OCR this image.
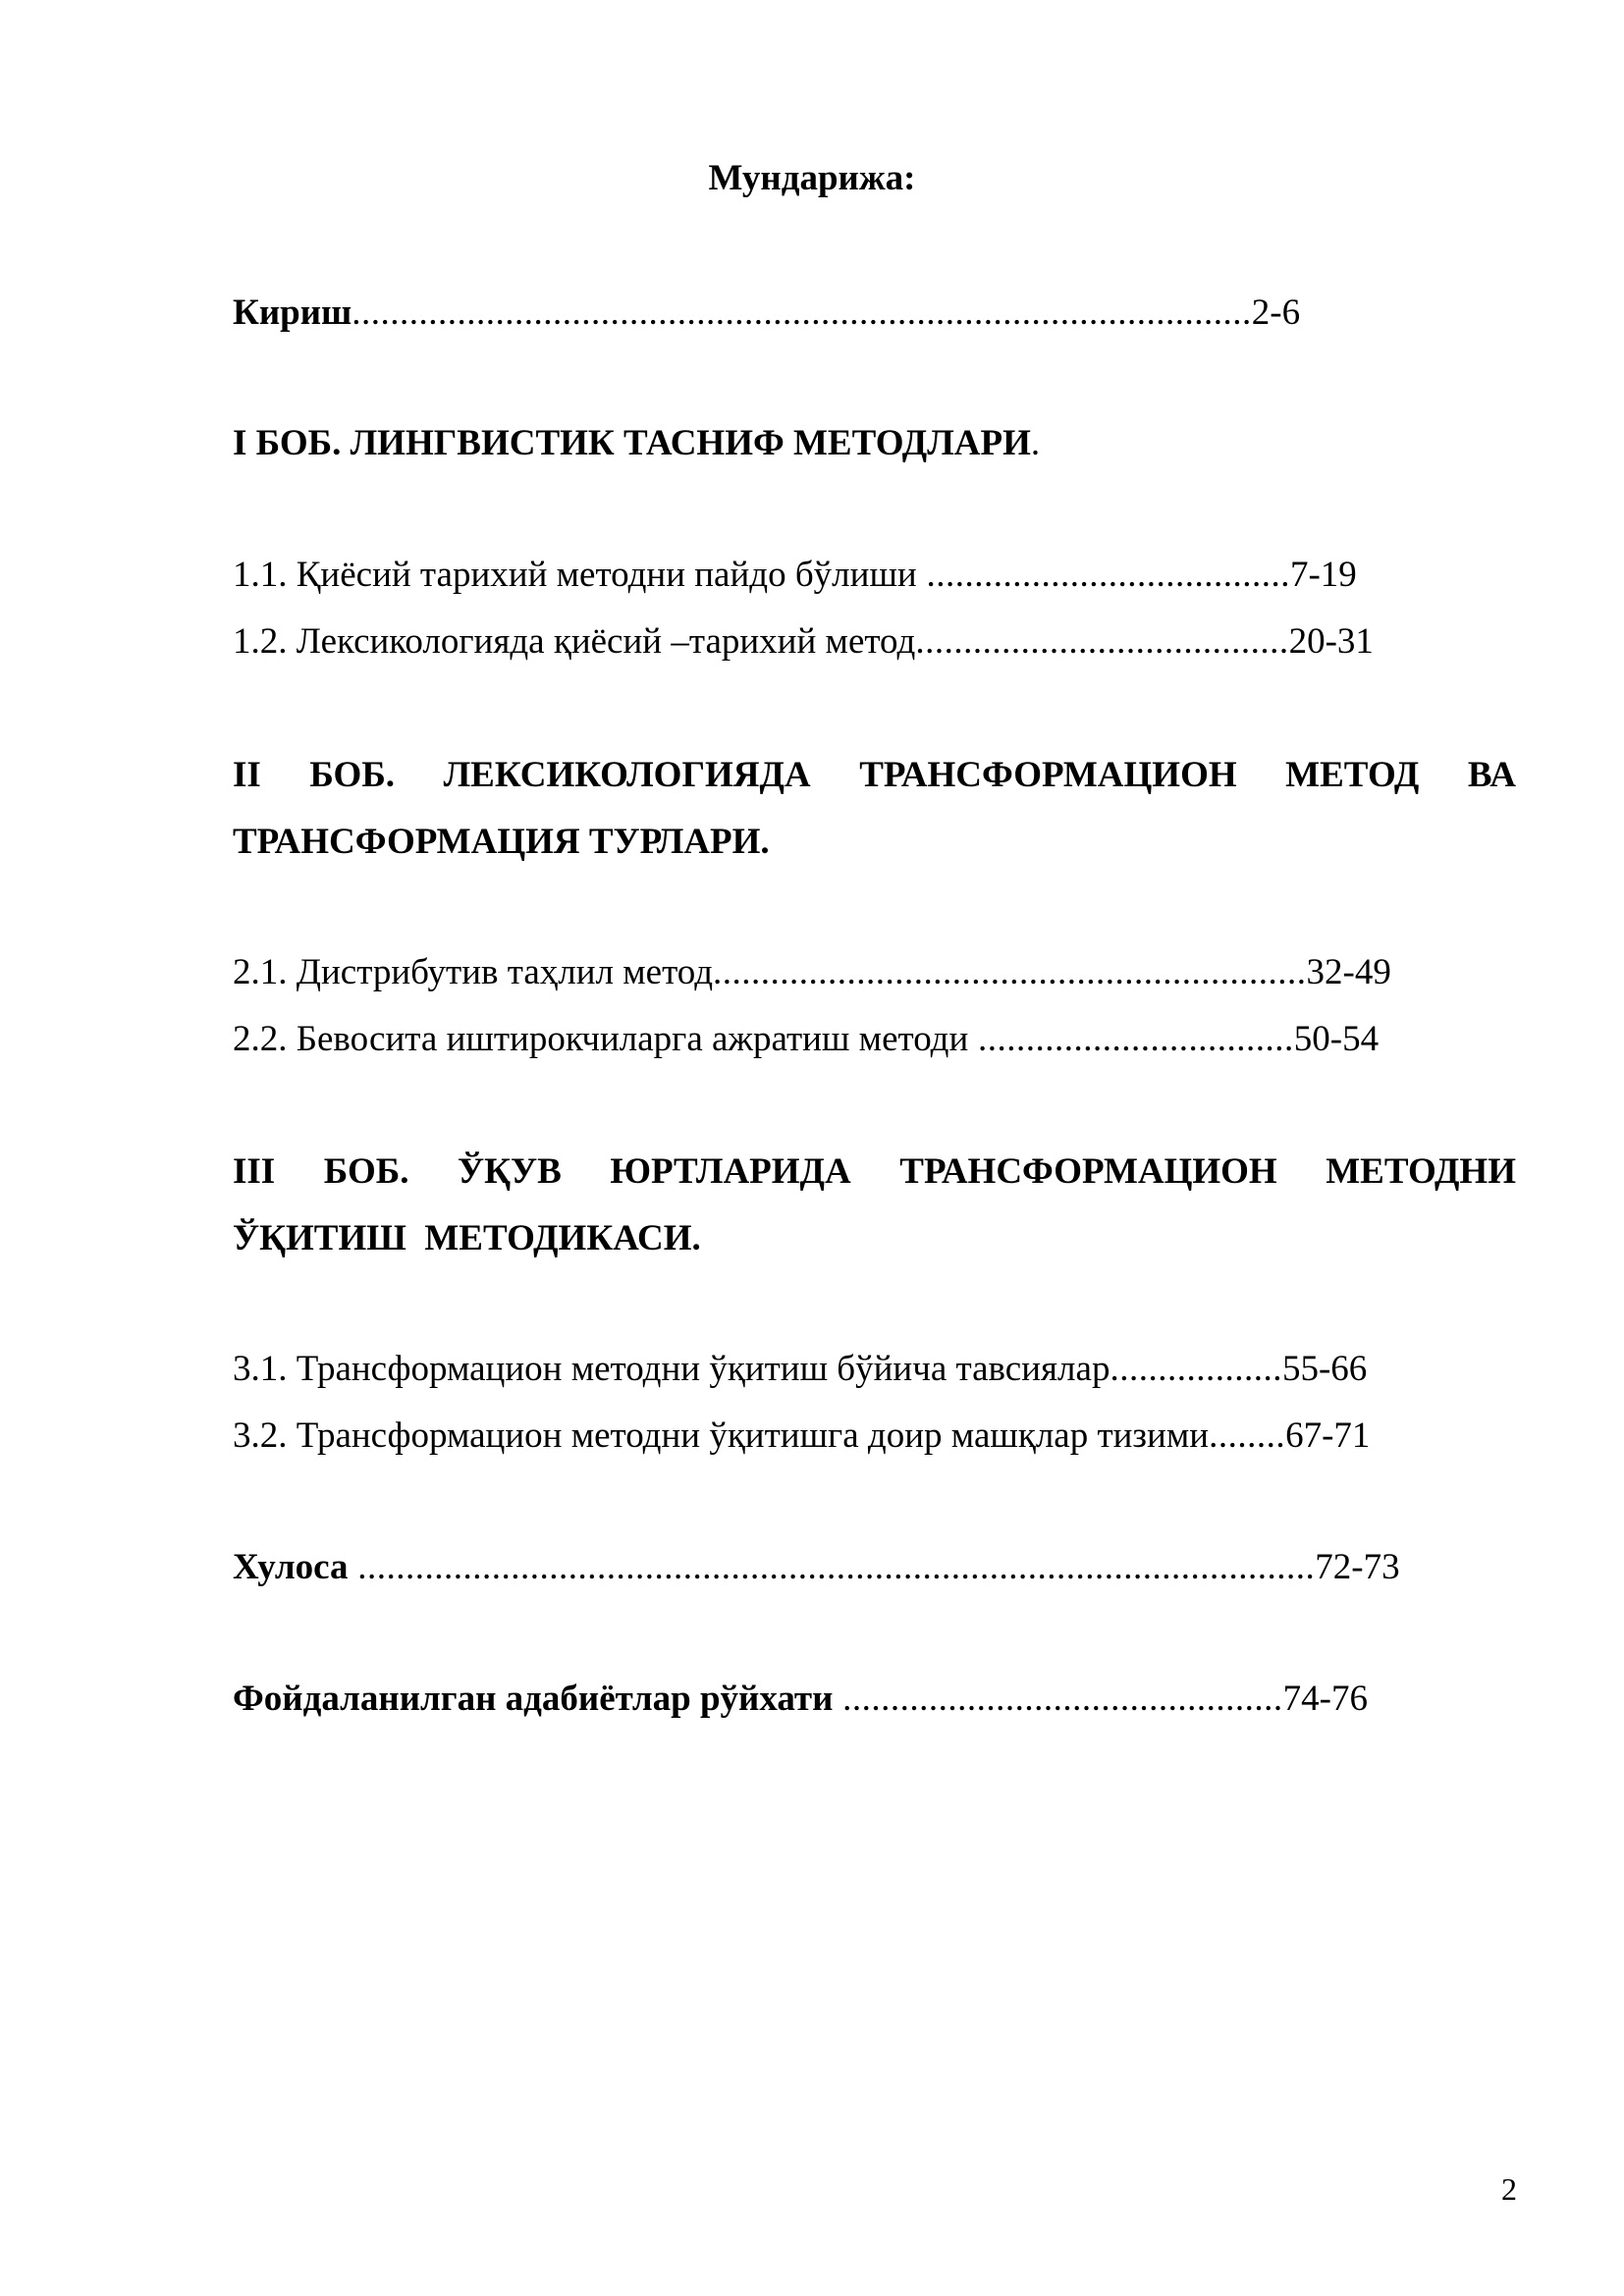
Мундарижа:
Кириш..............................................................................................2-6
I БОБ. ЛИНГВИСТИК ТАСНИФ МЕТОДЛАРИ.
1.1. Қиёсий тарихий методни пайдо бўлиши ......................................7-19
1.2. Лексикологияда қиёсий –тарихий метод.......................................20-31
II БОБ. ЛЕКСИКОЛОГИЯДА ТРАНСФОРМАЦИОН МЕТОД ВА
ТРАНСФОРМАЦИЯ ТУРЛАРИ.
2.1. Дистрибутив таҳлил метод..............................................................32-49
2.2. Бевосита иштирокчиларга ажратиш методи .................................50-54
III БОБ. ЎҚУВ ЮРТЛАРИДА ТРАНСФОРМАЦИОН МЕТОДНИ
ЎҚИТИШ  МЕТОДИКАСИ.
3.1. Трансформацион методни ўқитиш бўйича тавсиялар..................55-66
3.2. Трансформацион методни ўқитишга доир машқлар тизими........67-71
Хулоса ....................................................................................................72-73
Фойдаланилган адабиётлар рўйхати ..............................................74-76
2
